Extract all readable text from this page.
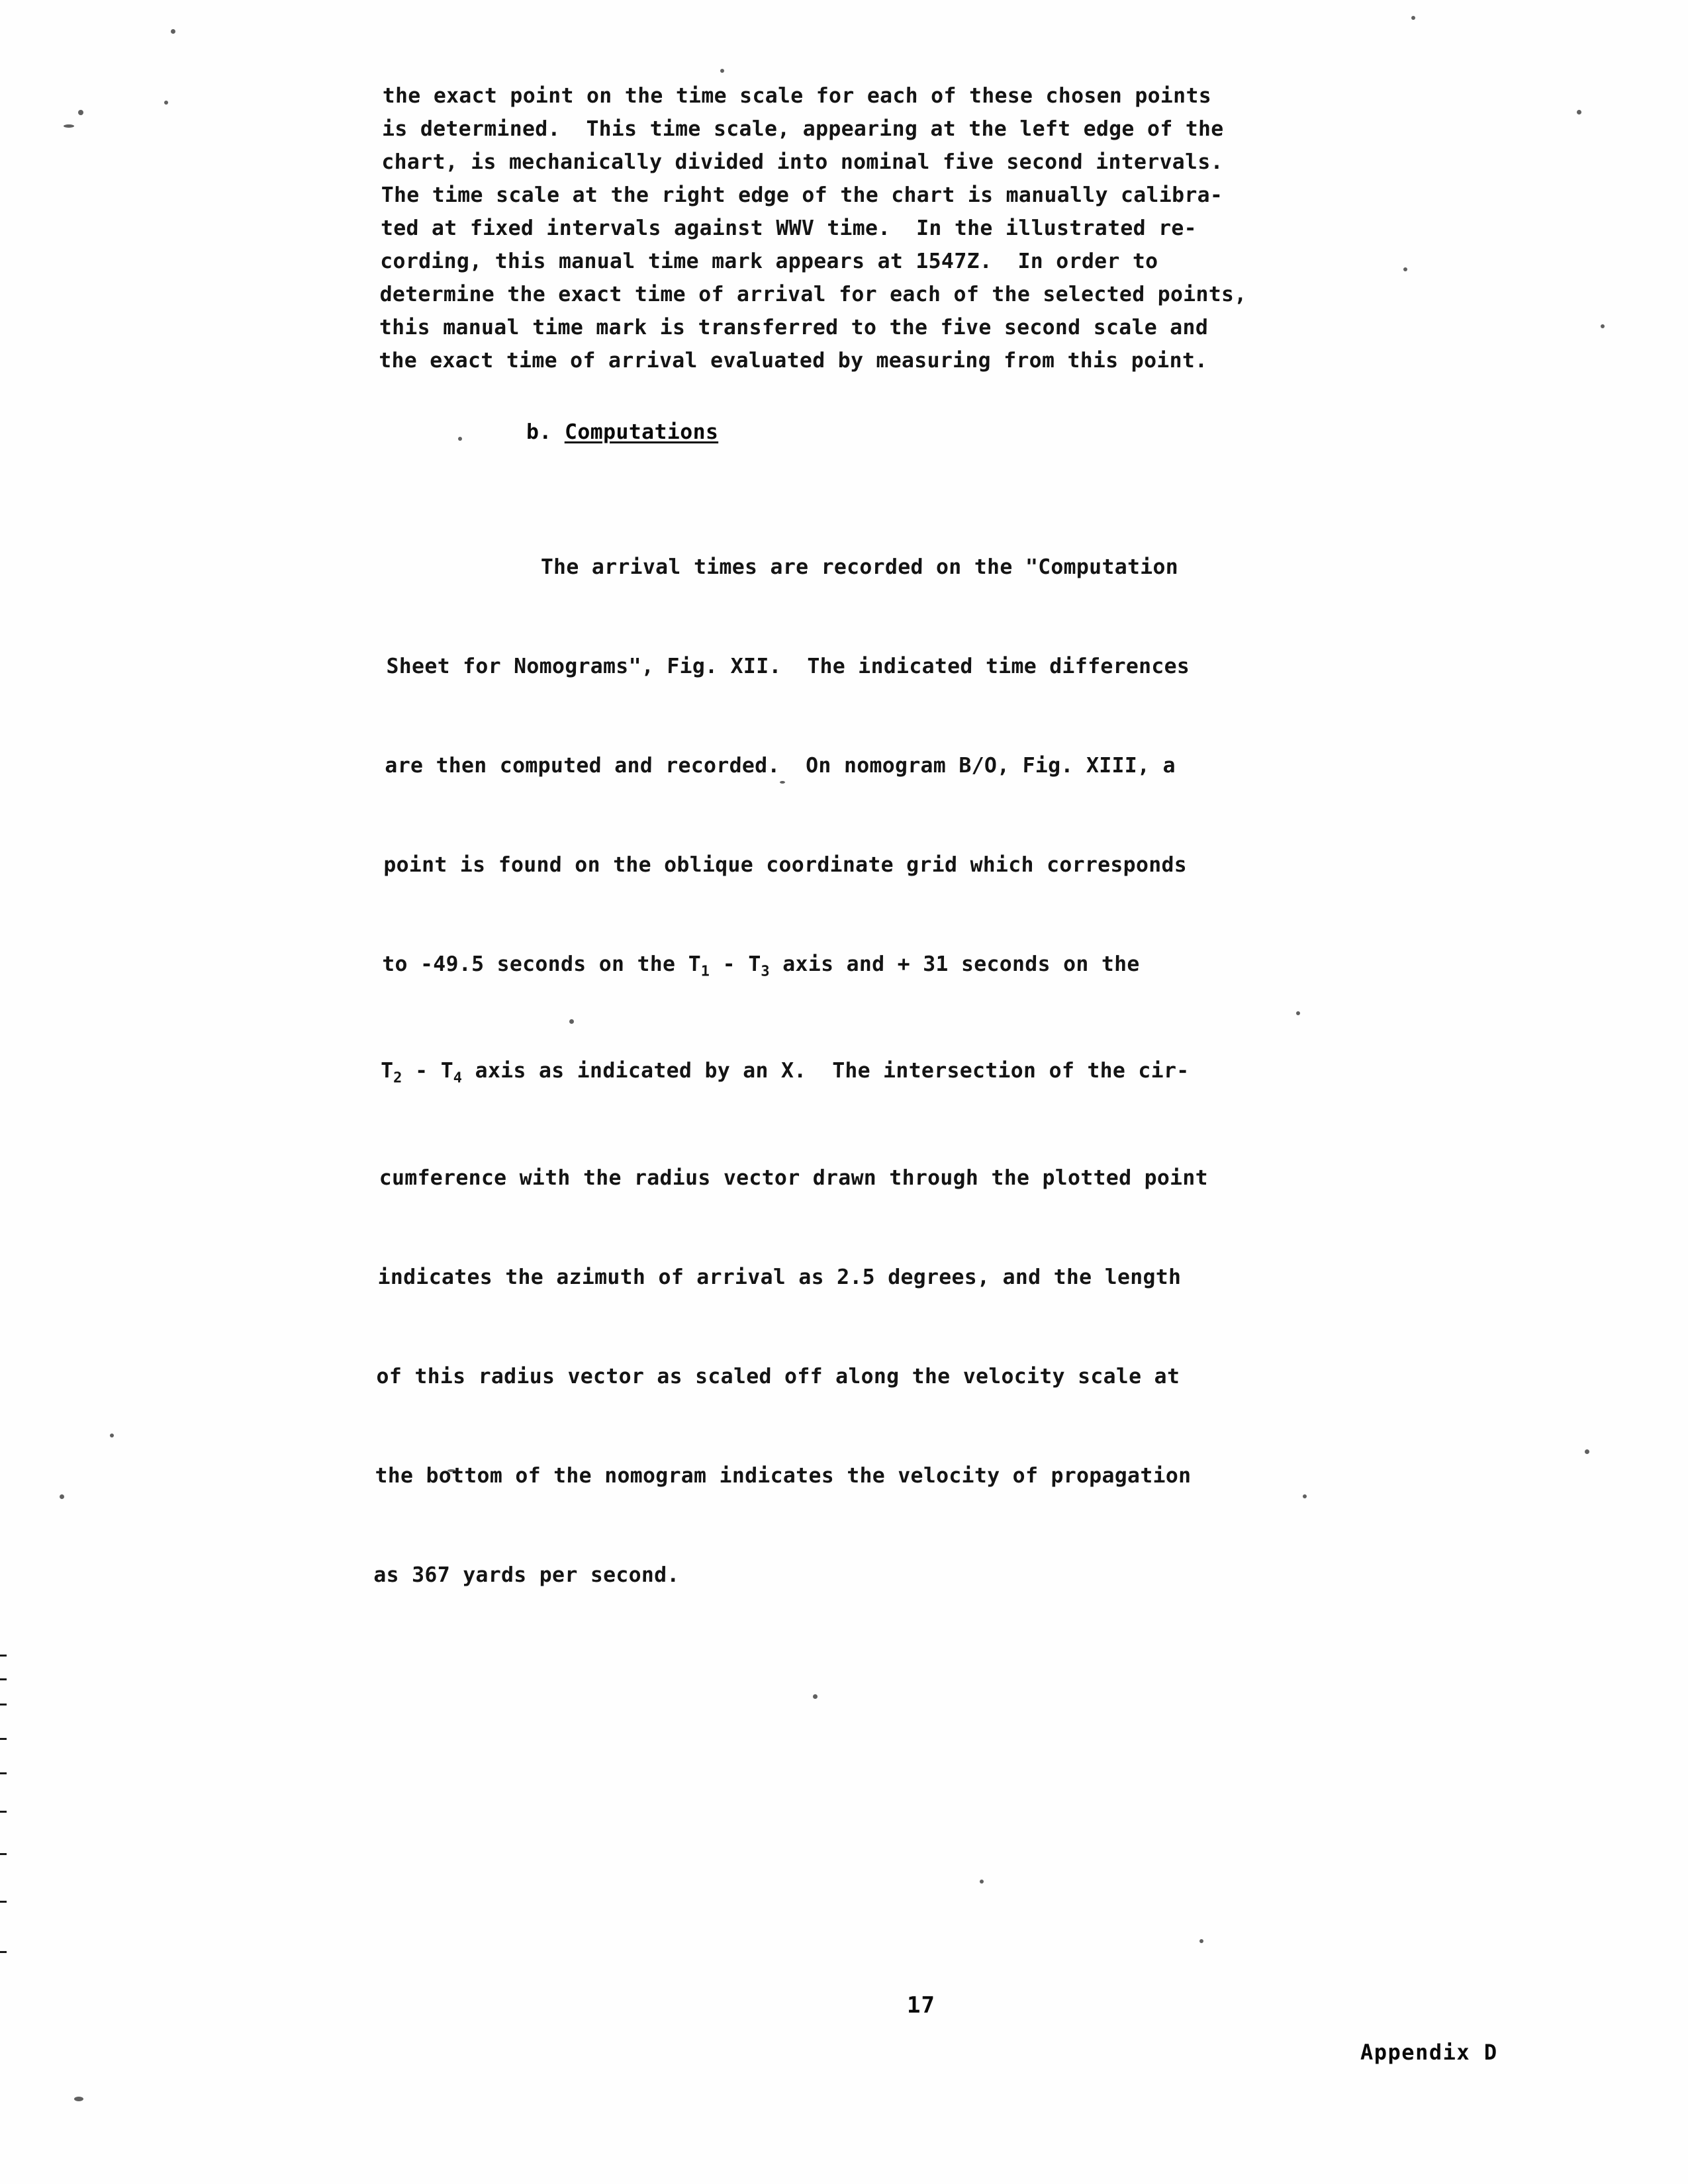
the exact point on the time scale for each of these chosen points
is determined.  This time scale, appearing at the left edge of the
chart, is mechanically divided into nominal five second intervals.
The time scale at the right edge of the chart is manually calibra-
ted at fixed intervals against WWV time.  In the illustrated re-
cording, this manual time mark appears at 1547Z.  In order to
determine the exact time of arrival for each of the selected points,
this manual time mark is transferred to the five second scale and
the exact time of arrival evaluated by measuring from this point.
b. Computations

The arrival times are recorded on the "Computation

Sheet for Nomograms", Fig. XII.  The indicated time differences

are then computed and recorded.  On nomogram B/O, Fig. XIII, a

point is found on the oblique coordinate grid which corresponds

to -49.5 seconds on the $T_1 - T_3$ axis and + 31 seconds on the

$T_2 - T_4$ axis as indicated by an X.  The intersection of the cir-

cumference with the radius vector drawn through the plotted point

indicates the azimuth of arrival as 2.5 degrees, and the length

of this radius vector as scaled off along the velocity scale at

the bottom of the nomogram indicates the velocity of propagation

as 367 yards per second.

17
Appendix D
